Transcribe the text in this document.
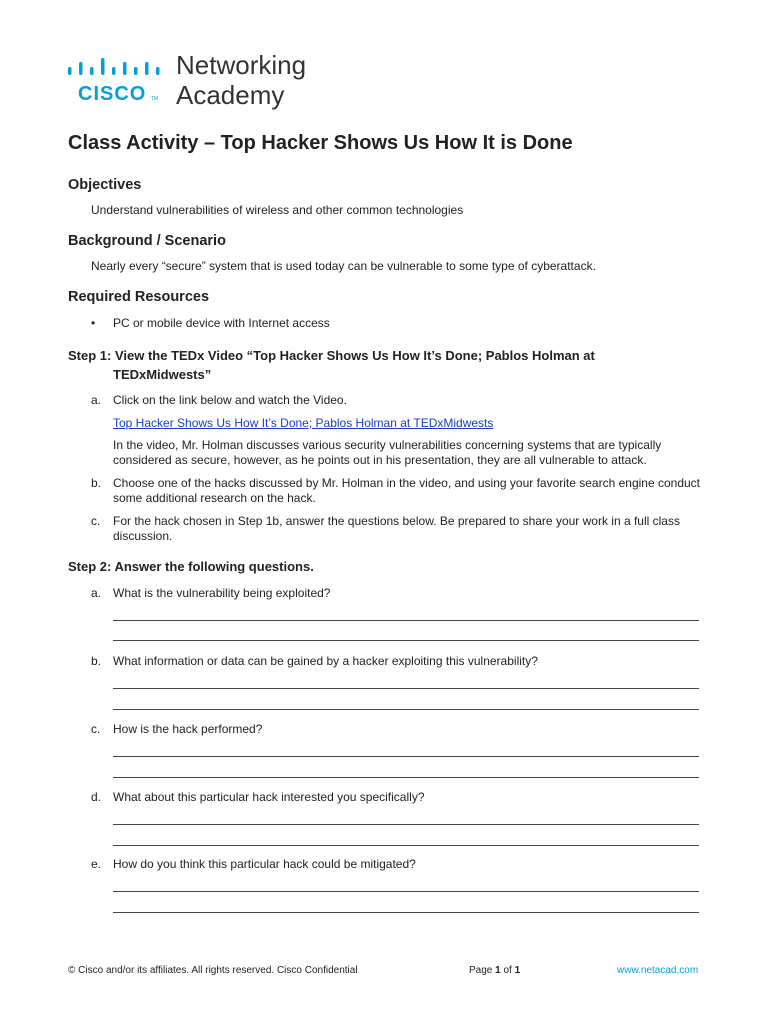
CISCO TM
Networking
Academy
Class Activity – Top Hacker Shows Us How It is Done
Objectives
Understand vulnerabilities of wireless and other common technologies
Background / Scenario
Nearly every “secure” system that is used today can be vulnerable to some type of cyberattack.
Required Resources
• PC or mobile device with Internet access
Step 1: View the TEDx Video “Top Hacker Shows Us How It’s Done; Pablos Holman at
TEDxMidwests”
a. Click on the link below and watch the Video.
Top Hacker Shows Us How It’s Done; Pablos Holman at TEDxMidwests
In the video, Mr. Holman discusses various security vulnerabilities concerning systems that are typically considered as secure, however, as he points out in his presentation, they are all vulnerable to attack.
b. Choose one of the hacks discussed by Mr. Holman in the video, and using your favorite search engine conduct some additional research on the hack.
c. For the hack chosen in Step 1b, answer the questions below. Be prepared to share your work in a full class discussion.
Step 2: Answer the following questions.
a. What is the vulnerability being exploited?
b. What information or data can be gained by a hacker exploiting this vulnerability?
c. How is the hack performed?
d. What about this particular hack interested you specifically?
e. How do you think this particular hack could be mitigated?
© Cisco and/or its affiliates. All rights reserved. Cisco Confidential	Page 1 of 1	www.netacad.com
